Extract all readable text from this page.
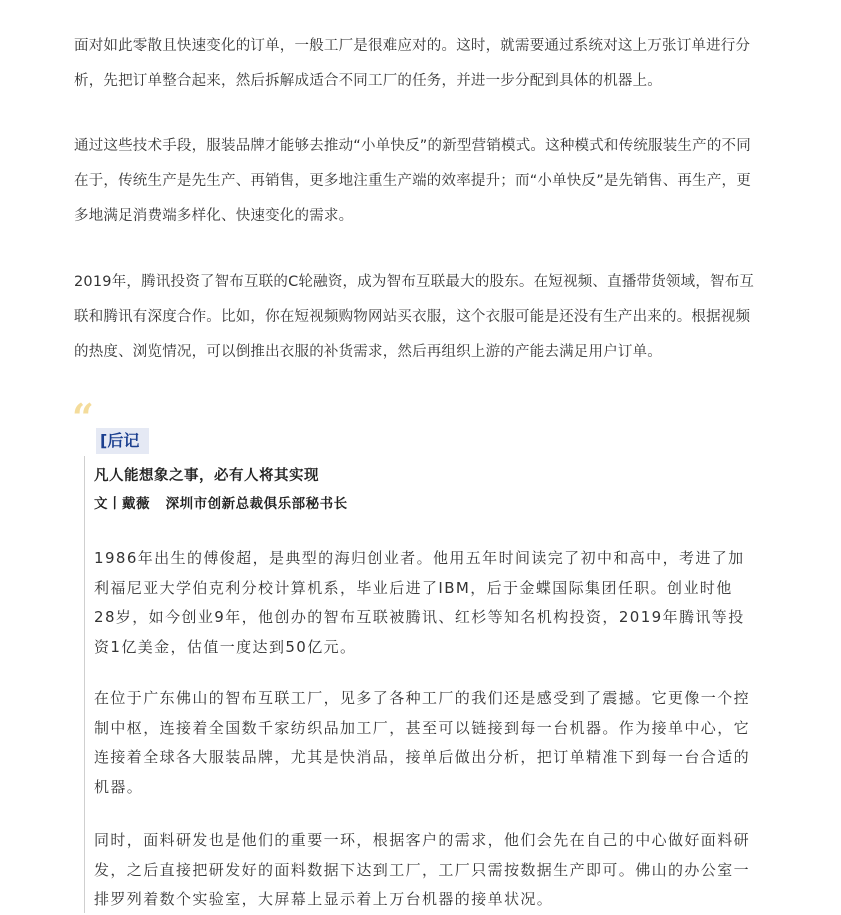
面对如此零散且快速变化的订单，一般工厂是很难应对的。这时，就需要通过系统对这上万张订单进行分析，先把订单整合起来，然后拆解成适合不同工厂的任务，并进一步分配到具体的机器上。

通过这些技术手段，服装品牌才能够去推动“小单快反”的新型营销模式。这种模式和传统服装生产的不同在于，传统生产是先生产、再销售，更多地注重生产端的效率提升；而“小单快反”是先销售、再生产，更多地满足消费端多样化、快速变化的需求。

2019年，腾讯投资了智布互联的C轮融资，成为智布互联最大的股东。在短视频、直播带货领域，智布互联和腾讯有深度合作。比如，你在短视频购物网站买衣服，这个衣服可能是还没有生产出来的。根据视频的热度、浏览情况，可以倒推出衣服的补货需求，然后再组织上游的产能去满足用户订单。

“
[后记
凡人能想象之事，必有人将其实现
文丨戴薇   深圳市创新总裁俱乐部秘书长

1986年出生的傅俊超，是典型的海归创业者。他用五年时间读完了初中和高中，考进了加利福尼亚大学伯克利分校计算机系，毕业后进了IBM，后于金蝶国际集团任职。创业时他28岁，如今创业9年，他创办的智布互联被腾讯、红杉等知名机构投资，2019年腾讯等投资1亿美金，估值一度达到50亿元。

在位于广东佛山的智布互联工厂，见多了各种工厂的我们还是感受到了震撼。它更像一个控制中枢，连接着全国数千家纺织品加工厂，甚至可以链接到每一台机器。作为接单中心，它连接着全球各大服装品牌，尤其是快消品，接单后做出分析，把订单精准下到每一台合适的机器。

同时，面料研发也是他们的重要一环，根据客户的需求，他们会先在自己的中心做好面料研发，之后直接把研发好的面料数据下达到工厂，工厂只需按数据生产即可。佛山的办公室一排罗列着数个实验室，大屏幕上显示着上万台机器的接单状况。
